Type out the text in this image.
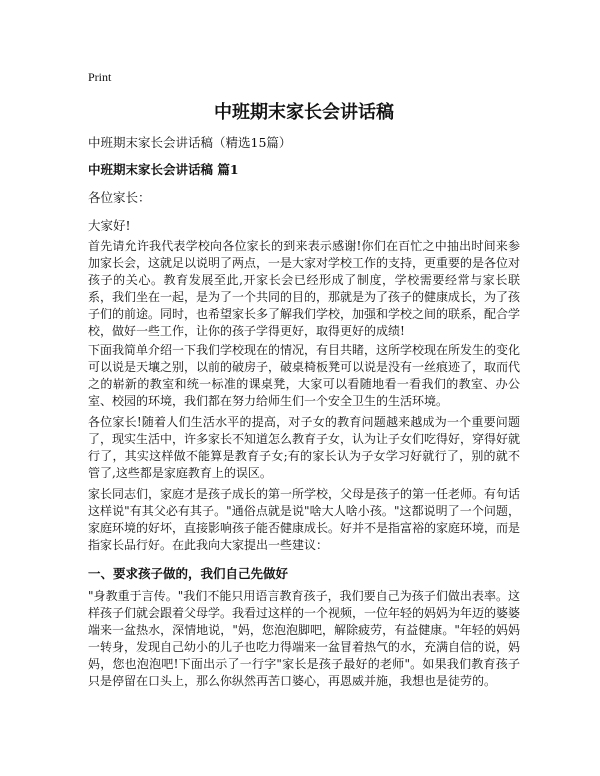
Print
中班期末家长会讲话稿
中班期末家长会讲话稿（精选15篇）
中班期末家长会讲话稿 篇1
各位家长：
大家好!
首先请允许我代表学校向各位家长的到来表示感谢!你们在百忙之中抽出时间来参加家长会，这就足以说明了两点，一是大家对学校工作的支持，更重要的是各位对孩子的关心。教育发展至此,开家长会已经形成了制度，学校需要经常与家长联系，我们坐在一起，是为了一个共同的目的，那就是为了孩子的健康成长，为了孩子们的前途。同时，也希望家长多了解我们学校，加强和学校之间的联系，配合学校，做好一些工作，让你的孩子学得更好，取得更好的成绩!
下面我简单介绍一下我们学校现在的情况，有目共睹，这所学校现在所发生的变化可以说是天壤之别，以前的破房子，破桌椅板凳可以说是没有一丝痕迹了，取而代之的崭新的教室和统一标准的课桌凳，大家可以看随地看一看我们的教室、办公室、校园的环境，我们都在努力给师生们一个安全卫生的生活环境。
各位家长!随着人们生活水平的提高，对子女的教育问题越来越成为一个重要问题了，现实生活中，许多家长不知道怎么教育子女，认为让子女们吃得好，穿得好就行了，其实这样做不能算是教育子女;有的家长认为子女学习好就行了，别的就不管了,这些都是家庭教育上的误区。
家长同志们，家庭才是孩子成长的第一所学校，父母是孩子的第一任老师。有句话这样说"有其父必有其子。"通俗点就是说"啥大人啥小孩。"这都说明了一个问题，家庭环境的好坏，直接影响孩子能否健康成长。好并不是指富裕的家庭环境，而是指家长品行好。在此我向大家提出一些建议：
一、要求孩子做的，我们自己先做好
"身教重于言传。"我们不能只用语言教育孩子，我们要自己为孩子们做出表率。这样孩子们就会跟着父母学。我看过这样的一个视频，一位年轻的妈妈为年迈的婆婆端来一盆热水，深情地说，"妈，您泡泡脚吧，解除疲劳，有益健康。"年轻的妈妈一转身，发现自己幼小的儿子也吃力得端来一盆冒着热气的水，充满自信的说，妈妈，您也泡泡吧!下面出示了一行字"家长是孩子最好的老师"。如果我们教育孩子只是停留在口头上，那么你纵然再苦口婆心，再恩威并施，我想也是徒劳的。
